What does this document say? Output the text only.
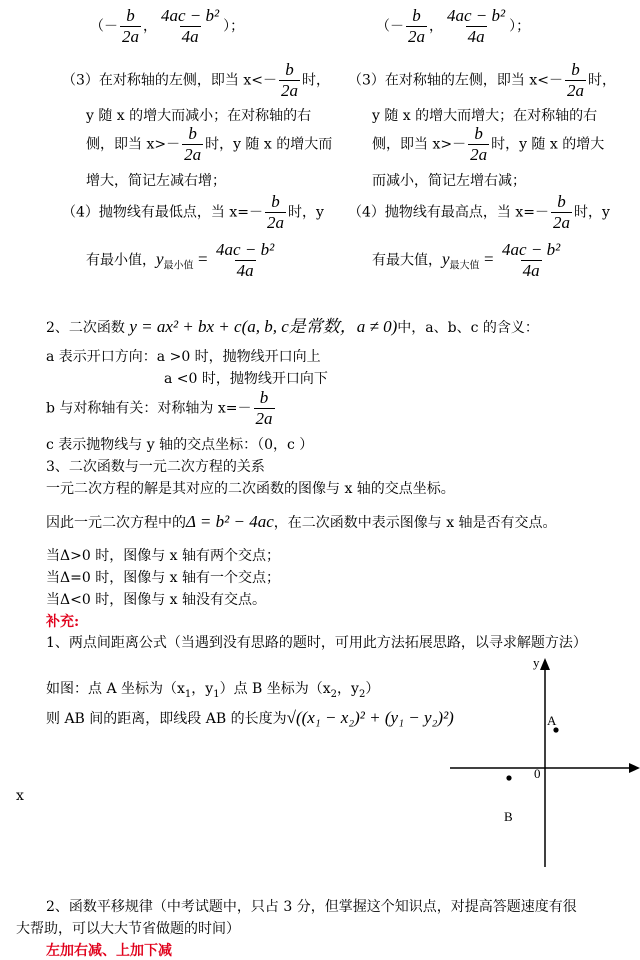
（－ $\frac{b}{2a}$ ， $\frac{\text{4ac − b²}}{4a}$ ）；
（3）在对称轴的左侧，即当 $x<- \frac{b}{2a}$ 时，
y 随 x 的增大而减小；在对称轴的右
侧，即当 $x>- \frac{b}{2a}$ 时，y 随 x 的增大而
增大，简记左减右增；
（4）抛物线有最低点，当 $x=- \frac{b}{2a}$ 时，y
有最小值，$y_{最小值} = \frac{\text{4ac − b²}}{4a}$
（－ $\frac{b}{2a}$ ， $\frac{\text{4ac − b²}}{4a}$ ）；
（3）在对称轴的左侧，即当 $x<- \frac{b}{2a}$ 时，
y 随 x 的增大而增大；在对称轴的右
侧，即当 $x>- \frac{b}{2a}$ 时，y 随 x 的增大
而减小，简记左增右减；
（4）抛物线有最高点，当 $x=- \frac{b}{2a}$ 时，y
有最大值，$y_{最大值} = \frac{\text{4ac − b²}}{4a}$
2、二次函数 y = ax² + bx + c(a, b, c是常数，a ≠ 0)中，a、b、c 的含义：
a 表示开口方向：a >0 时，抛物线开口向上
a <0 时，抛物线开口向下
b 与对称轴有关：对称轴为 $x=- \frac{b}{2a}$
c 表示抛物线与 y 轴的交点坐标：（0，c ）
3、二次函数与一元二次方程的关系
一元二次方程的解是其对应的二次函数的图像与 x 轴的交点坐标。
因此一元二次方程中的Δ = b² − 4ac，在二次函数中表示图像与 x 轴是否有交点。
当Δ>0 时，图像与 x 轴有两个交点；
当Δ=0 时，图像与 x 轴有一个交点；
当Δ<0 时，图像与 x 轴没有交点。
补充:
1、两点间距离公式（当遇到没有思路的题时，可用此方法拓展思路，以寻求解题方法）
如图：点 A 坐标为（$x_1$，$y_1$）点 B 坐标为（$x_2$，$y_2$）
则 AB 间的距离，即线段 AB 的长度为√((x₁ − x₂)² + (y₁ − y₂)²)
x
y
0
A
B
2、函数平移规律（中考试题中，只占 3 分，但掌握这个知识点，对提高答题速度有很
大帮助，可以大大节省做题的时间）
左加右减、上加下减
